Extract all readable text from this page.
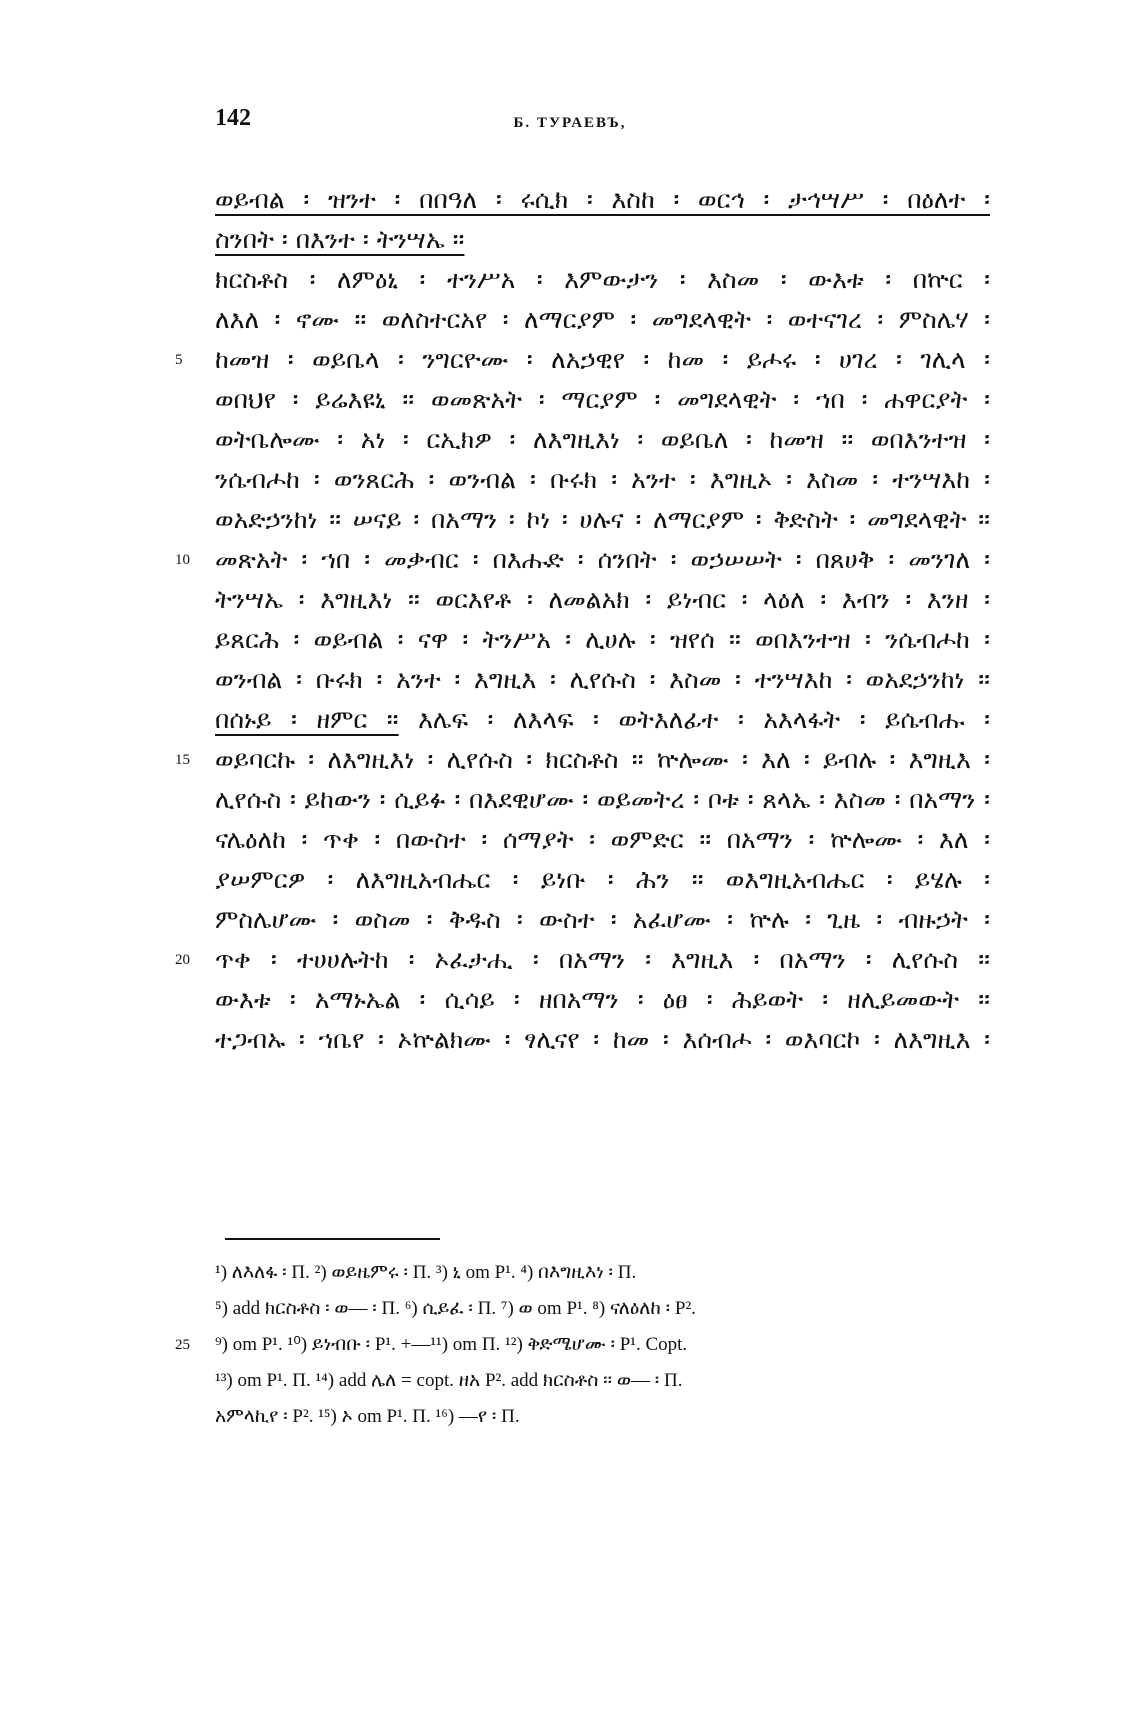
142	Б. ТУРАЕВЪ,
ወይብል ፡ ዝንተ ፡ በበዓለ ፡ ሩሲክ ፡ እስከ ፡ ወርኅ ፡ ታኅሣሥ ፡ በዕለተ ፡
ስንበት ፡ በእንተ ፡ ትንሣኤ ፡፡
ክርስቶስ ፡ ለምዕኒ ፡ ተንሥአ ፡ እምውታን ፡ እስመ ፡ ውእቱ ፡ በኵር ፡
ለእለ ፡ ኖሙ ፡፡ ወለስተርአየ ፡ ለማርያም ፡ መግደላዊት ፡ ወተናገረ ፡ ምስሌሃ ፡
5 ከመዝ ፡ ወይቤላ ፡ ንግርዮሙ ፡ ለአኃዊየ ፡ ከመ ፡ ይሖሩ ፡ ሀገረ ፡ ገሊላ ፡
ወበህየ ፡ ይሬእዩኒ ፡፡ ወመጽአት ፡ ማርያም ፡ መግደላዊት ፡ ኀበ ፡ ሐዋርያት ፡
ወትቤሎሙ ፡ አነ ፡ ርኢክዎ ፡ ለእግዚእነ ፡ ወይቤለ ፡ ከመዝ ፡፡ ወበእንተዝ ፡
ንሴብሖከ ፡ ወንጸርሕ ፡ ወንብል ፡ ቡሩክ ፡ አንተ ፡ እግዚኦ ፡ እስመ ፡ ተንሣእከ ፡
ወአድኃንከነ ፡፡ ሠናይ ፡ በአማን ፡ ኮነ ፡ ሀሉና ፡ ለማርያም ፡ ቅድስት ፡ መግደላዊት ፡፡
10 መጽአት ፡ ኀበ ፡ መቃብር ፡ በእሑድ ፡ ሰንበት ፡ ወኃሠሠት ፡ በጸሀቅ ፡ መንገለ ፡
ትንሣኤ ፡ እግዚእነ ፡፡ ወርእየቶ ፡ ለመልአክ ፡ ይነብር ፡ ላዕለ ፡ እብን ፡ እንዘ ፡
ይጸርሕ ፡ ወይብል ፡ ናዋ ፡ ትንሥአ ፡ ሊሀሉ ፡ ዝየሰ ፡፡ ወበእንተዝ ፡ ንሴብሖከ ፡
ወንብል ፡ ቡሩክ ፡ አንተ ፡ እግዚእ ፡ ሊየሱስ ፡ እስመ ፡ ተንሣእከ ፡ ወአደኃንከነ ፡፡
በሰኑይ ፡ ዘምር ፡፡ እሌፍ ፡ ለእላፍ ፡ ወትእለፊተ ፡ አእላፋት ፡ ይሴብሑ ፡
15 ወይባርኩ ፡ ለእግዚእነ ፡ ሊየሱስ ፡ ክርስቶስ ፡፡ ኵሎሙ ፡ እለ ፡ ይብሉ ፡ እግዚእ ፡
ሊየሱስ ፡ ይከውን ፡ ሲይፉ ፡ በእደዊሆሙ ፡ ወይመትረ ፡ ቦቱ ፡ ጸላኤ ፡ እስመ ፡ በአማን ፡
ናሌዕለከ ፡ ጥቀ ፡ በውስተ ፡ ሰማያት ፡ ወምድር ፡፡ በአማን ፡ ኵሎሙ ፡ እለ ፡
ያሠምርዎ ፡ ለእግዚአብሔር ፡ ይነቡ ፡ ሕን ፡፡ ወእግዚአብሔር ፡ ይሄሉ ፡
ምስሌሆሙ ፡ ወስመ ፡ ቅዱስ ፡ ውስተ ፡ አፈሆሙ ፡ ኵሉ ፡ ጊዜ ፡ ብዙኃት ፡
20 ጥቀ ፡ ተሀሀሉትከ ፡ ኦፈታሒ ፡ በአማን ፡ እግዚእ ፡ በአማን ፡ ሊየሱስ ፡፡
ውእቱ ፡ አማኑኤል ፡ ሲሳይ ፡ ዘበአማን ፡ ዕፀ ፡ ሕይወት ፡ ዘሊይመውት ፡፡
ተጋብኡ ፡ ኀቤየ ፡ ኦኵልክሙ ፡ ፃሊናየ ፡ ከመ ፡ እሰብሖ ፡ ወእባርኮ ፡ ለእግዚእ ፡
¹) ለእለፋ ፡ Π. ²) ወይዜምሩ ፡ Π. ³) ኒ om P¹. ⁴) በእግዚእነ ፡ Π.
⁵) add ክርስቶስ ፡ ወ— ፡ Π. ⁶) ሲይፈ ፡ Π. ⁷) ወ om P¹. ⁸) ናለዕለከ ፡ P².
25 ⁹) om P¹. ¹⁰) ይነብቡ ፡ P¹. +—¹¹) om Π. ¹²) ቅድሜሆሙ ፡ P¹. Copt.
¹³) om P¹. Π. ¹⁴) add ሌለ = copt. ዘአ P². add ክርስቶስ ፡፡ ወ— ፡ Π.
አምላኪየ ፡ P². ¹⁵) ኦ om P¹. Π. ¹⁶) —የ ፡ Π.
